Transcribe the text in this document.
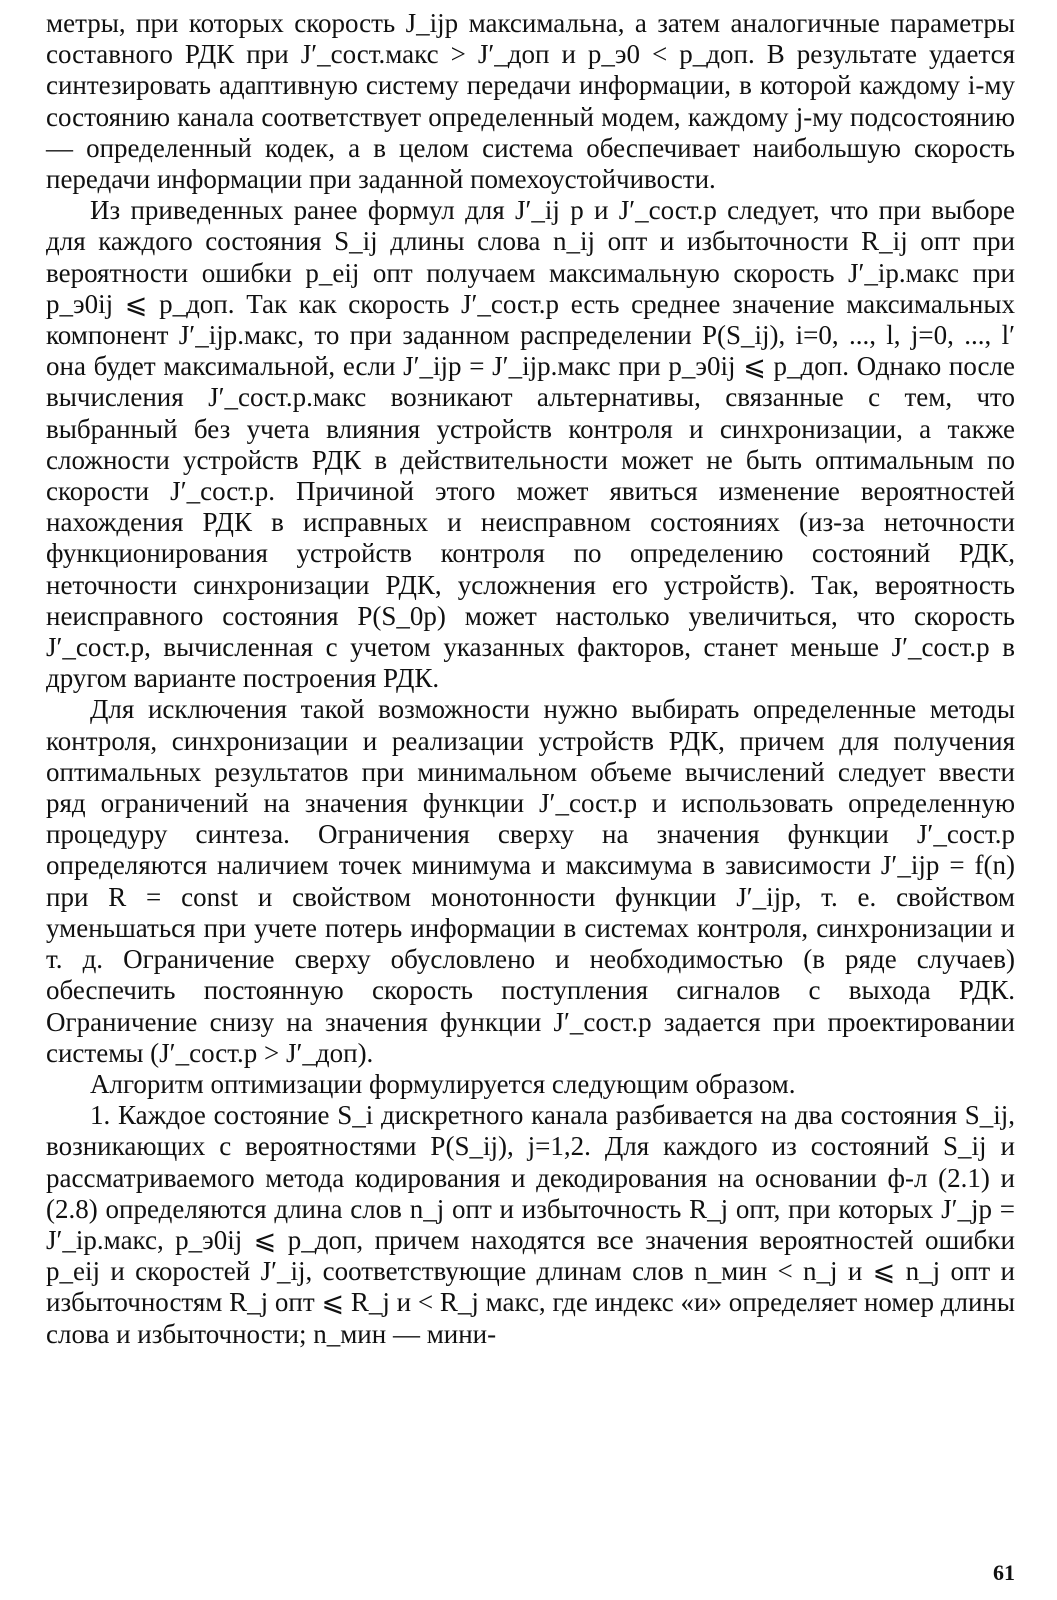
метры, при которых скорость J_ijp максимальна, а затем аналогичные параметры составного РДК при J′_сост.макс > J′_доп и p_э0 < p_доп. В результате удается синтезировать адаптивную систему передачи информации, в которой каждому i-му состоянию канала соответствует определенный модем, каждому j-му подсостоянию — определенный кодек, а в целом система обеспечивает наибольшую скорость передачи информации при заданной помехоустойчивости.

Из приведенных ранее формул для J′_ij р и J′_сост.р следует, что при выборе для каждого состояния S_ij длины слова n_ij опт и избыточности R_ij опт при вероятности ошибки p_eij опт получаем максимальную скорость J′_iр.макс при p_э0ij ⩽ p_доп. Так как скорость J′_сост.р есть среднее значение максимальных компонент J′_ijр.макс, то при заданном распределении P(S_ij), i=0, ..., l, j=0, ..., l′ она будет максимальной, если J′_ijp = J′_ijр.макс при p_э0ij ⩽ p_доп. Однако после вычисления J′_сост.р.макс возникают альтернативы, связанные с тем, что выбранный без учета влияния устройств контроля и синхронизации, а также сложности устройств РДК в действительности может не быть оптимальным по скорости J′_сост.р. Причиной этого может явиться изменение вероятностей нахождения РДК в исправных и неисправном состояниях (из-за неточности функционирования устройств контроля по определению состояний РДК, неточности синхронизации РДК, усложнения его устройств). Так, вероятность неисправного состояния P(S_0р) может настолько увеличиться, что скорость J′_сост.р, вычисленная с учетом указанных факторов, станет меньше J′_сост.р в другом варианте построения РДК.

Для исключения такой возможности нужно выбирать определенные методы контроля, синхронизации и реализации устройств РДК, причем для получения оптимальных результатов при минимальном объеме вычислений следует ввести ряд ограничений на значения функции J′_сост.р и использовать определенную процедуру синтеза. Ограничения сверху на значения функции J′_сост.р определяются наличием точек минимума и максимума в зависимости J′_ijр = f(n) при R = const и свойством монотонности функции J′_ijр, т. е. свойством уменьшаться при учете потерь информации в системах контроля, синхронизации и т. д. Ограничение сверху обусловлено и необходимостью (в ряде случаев) обеспечить постоянную скорость поступления сигналов с выхода РДК. Ограничение снизу на значения функции J′_сост.р задается при проектировании системы (J′_сост.р > J′_доп).

Алгоритм оптимизации формулируется следующим образом.

1. Каждое состояние S_i дискретного канала разбивается на два состояния S_ij, возникающих с вероятностями P(S_ij), j=1,2. Для каждого из состояний S_ij и рассматриваемого метода кодирования и декодирования на основании ф-л (2.1) и (2.8) определяются длина слов n_j опт и избыточность R_j опт, при которых J′_jp = J′_iр.макс, p_э0ij ⩽ p_доп, причем находятся все значения вероятностей ошибки p_eij и скоростей J′_ij, соответствующие длинам слов n_мин < n_j и ⩽ n_j опт и избыточностям R_j опт ⩽ R_j и < R_j макс, где индекс «и» определяет номер длины слова и избыточности; n_мин — мини-

61
